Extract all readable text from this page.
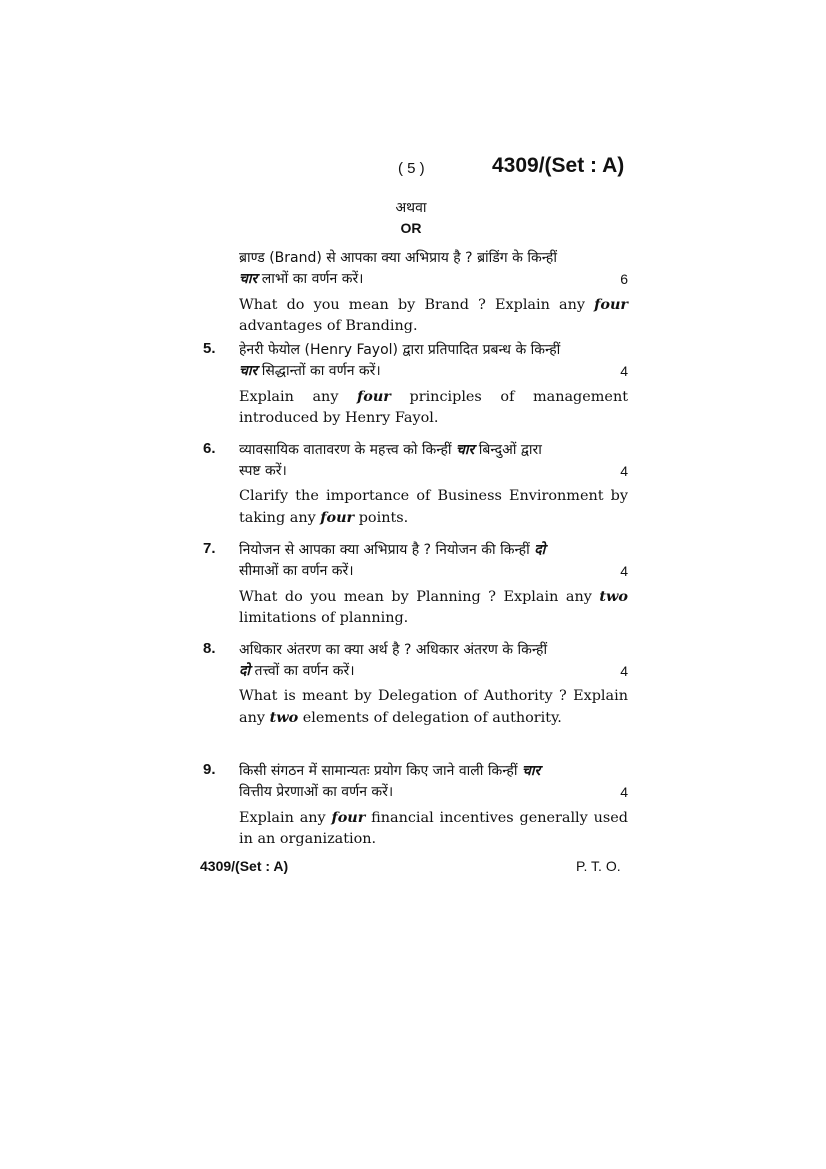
( 5 )	4309/(Set : A)
अथवा
OR

ब्राण्ड (Brand) से आपका क्या अभिप्राय है ? ब्रांडिंग के किन्हीं

चार लाभों का वर्णन करें।	6

What do you mean by Brand ? Explain any four advantages of Branding.

5. हेनरी फेयोल (Henry Fayol) द्वारा प्रतिपादित प्रबन्ध के किन्हीं

चार सिद्धान्तों का वर्णन करें।	4

Explain any four principles of management introduced by Henry Fayol.

6. व्यावसायिक वातावरण के महत्त्व को किन्हीं चार बिन्दुओं द्वारा

स्पष्ट करें।	4

Clarify the importance of Business Environment by taking any four points.

7. नियोजन से आपका क्या अभिप्राय है ? नियोजन की किन्हीं दो

सीमाओं का वर्णन करें।	4

What do you mean by Planning ? Explain any two limitations of planning.

8. अधिकार अंतरण का क्या अर्थ है ? अधिकार अंतरण के किन्हीं

दो तत्त्वों का वर्णन करें।	4

What is meant by Delegation of Authority ? Explain any two elements of delegation of authority.

9. किसी संगठन में सामान्यतः प्रयोग किए जाने वाली किन्हीं चार

वित्तीय प्रेरणाओं का वर्णन करें।	4

Explain any four financial incentives generally used in an organization.

4309/(Set : A)	P. T. O.
